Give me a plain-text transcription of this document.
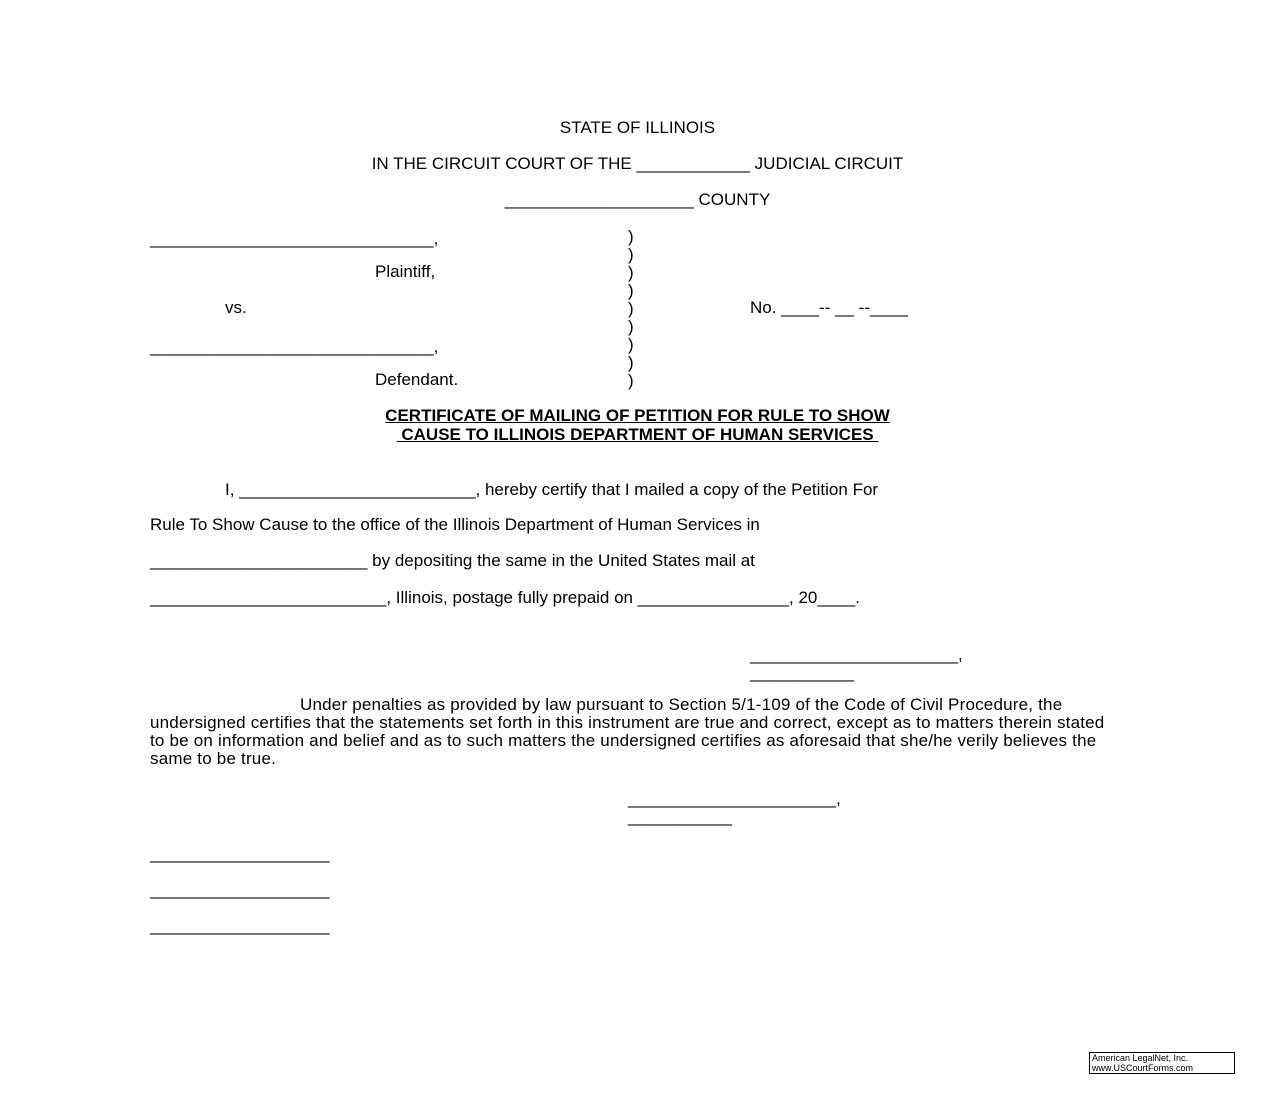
STATE OF ILLINOIS
IN THE CIRCUIT COURT OF THE ____________ JUDICIAL CIRCUIT
____________________ COUNTY
______________________________,
Plaintiff,
vs.
______________________________,
Defendant.
No. ____-- __ --____
)
)
)
)
)
)
)
)
)
CERTIFICATE OF MAILING OF PETITION FOR RULE TO SHOW
CAUSE TO ILLINOIS DEPARTMENT OF HUMAN SERVICES
I, _________________________, hereby certify that I mailed a copy of the Petition For
Rule To Show Cause to the office of the Illinois Department of Human Services in
_______________________ by depositing the same in the United States mail at
_________________________, Illinois, postage fully prepaid on ________________, 20____.
______________________,
___________
Under penalties as provided by law pursuant to Section 5/1-109 of the Code of Civil Procedure, the undersigned certifies that the statements set forth in this instrument are true and correct, except as to matters therein stated to be on information and belief and as to such matters the undersigned certifies as aforesaid that she/he verily believes the same to be true.
______________________,
___________
___________________
___________________
___________________
American LegalNet, Inc.
www.USCourtForms.com
